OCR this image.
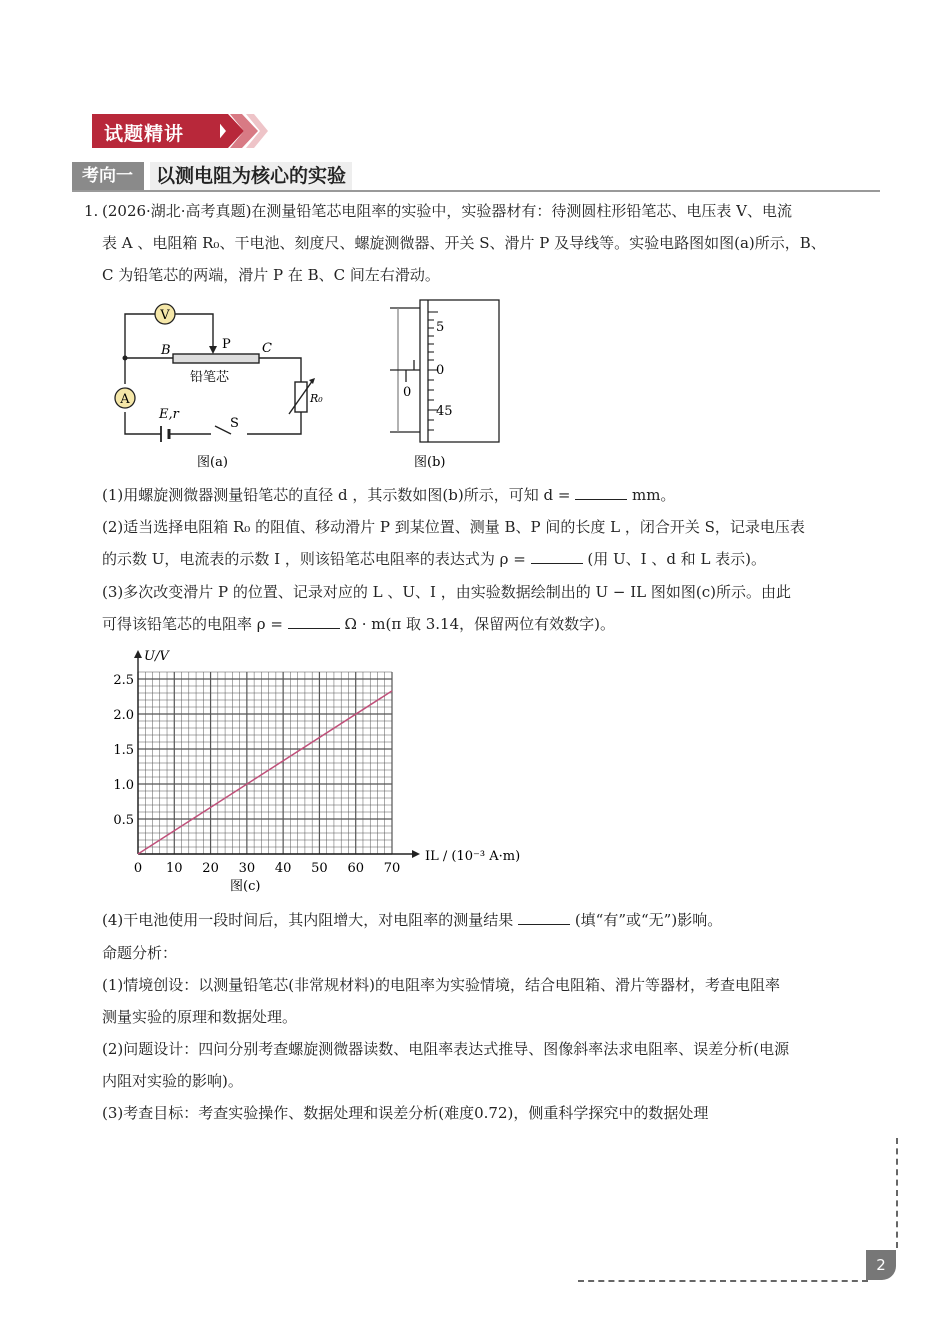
试题精讲
考向一	以测电阻为核心的实验
1. (2026·湖北·高考真题)在测量铅笔芯电阻率的实验中，实验器材有：待测圆柱形铅笔芯、电压表 V、电流
表 A 、电阻箱 R₀、干电池、刻度尺、螺旋测微器、开关 S、滑片 P 及导线等。实验电路图如图(a)所示，B、
C 为铅笔芯的两端，滑片 P 在 B、C 间左右滑动。
V
A
B	P C
铅笔芯
R₀
E,r
S
图(a)
5
0
45
0
图(b)
(1)用螺旋测微器测量铅笔芯的直径 d ，其示数如图(b)所示，可知 d =	mm。
(2)适当选择电阻箱 R₀ 的阻值、移动滑片 P 到某位置、测量 B、P 间的长度 L ，闭合开关 S，记录电压表
的示数 U，电流表的示数 I ，则该铅笔芯电阻率的表达式为 ρ =	(用 U、I 、d 和 L 表示)。
(3)多次改变滑片 P 的位置、记录对应的 L 、U、I ，由实验数据绘制出的 U − IL 图如图(c)所示。由此
可得该铅笔芯的电阻率 ρ =	Ω · m(π 取 3.14，保留两位有效数字)。
0 10 20 30 40 50 60 70
0.5
1.0
1.5
2.0
2.5
U/V
IL / (10⁻³ A·m)
图(c)
(4)干电池使用一段时间后，其内阻增大，对电阻率的测量结果	(填“有”或“无”)影响。
命题分析：
(1)情境创设：以测量铅笔芯(非常规材料)的电阻率为实验情境，结合电阻箱、滑片等器材，考查电阻率
测量实验的原理和数据处理。
(2)问题设计：四问分别考查螺旋测微器读数、电阻率表达式推导、图像斜率法求电阻率、误差分析(电源
内阻对实验的影响)。
(3)考查目标：考查实验操作、数据处理和误差分析(难度0.72)，侧重科学探究中的数据处理
2
